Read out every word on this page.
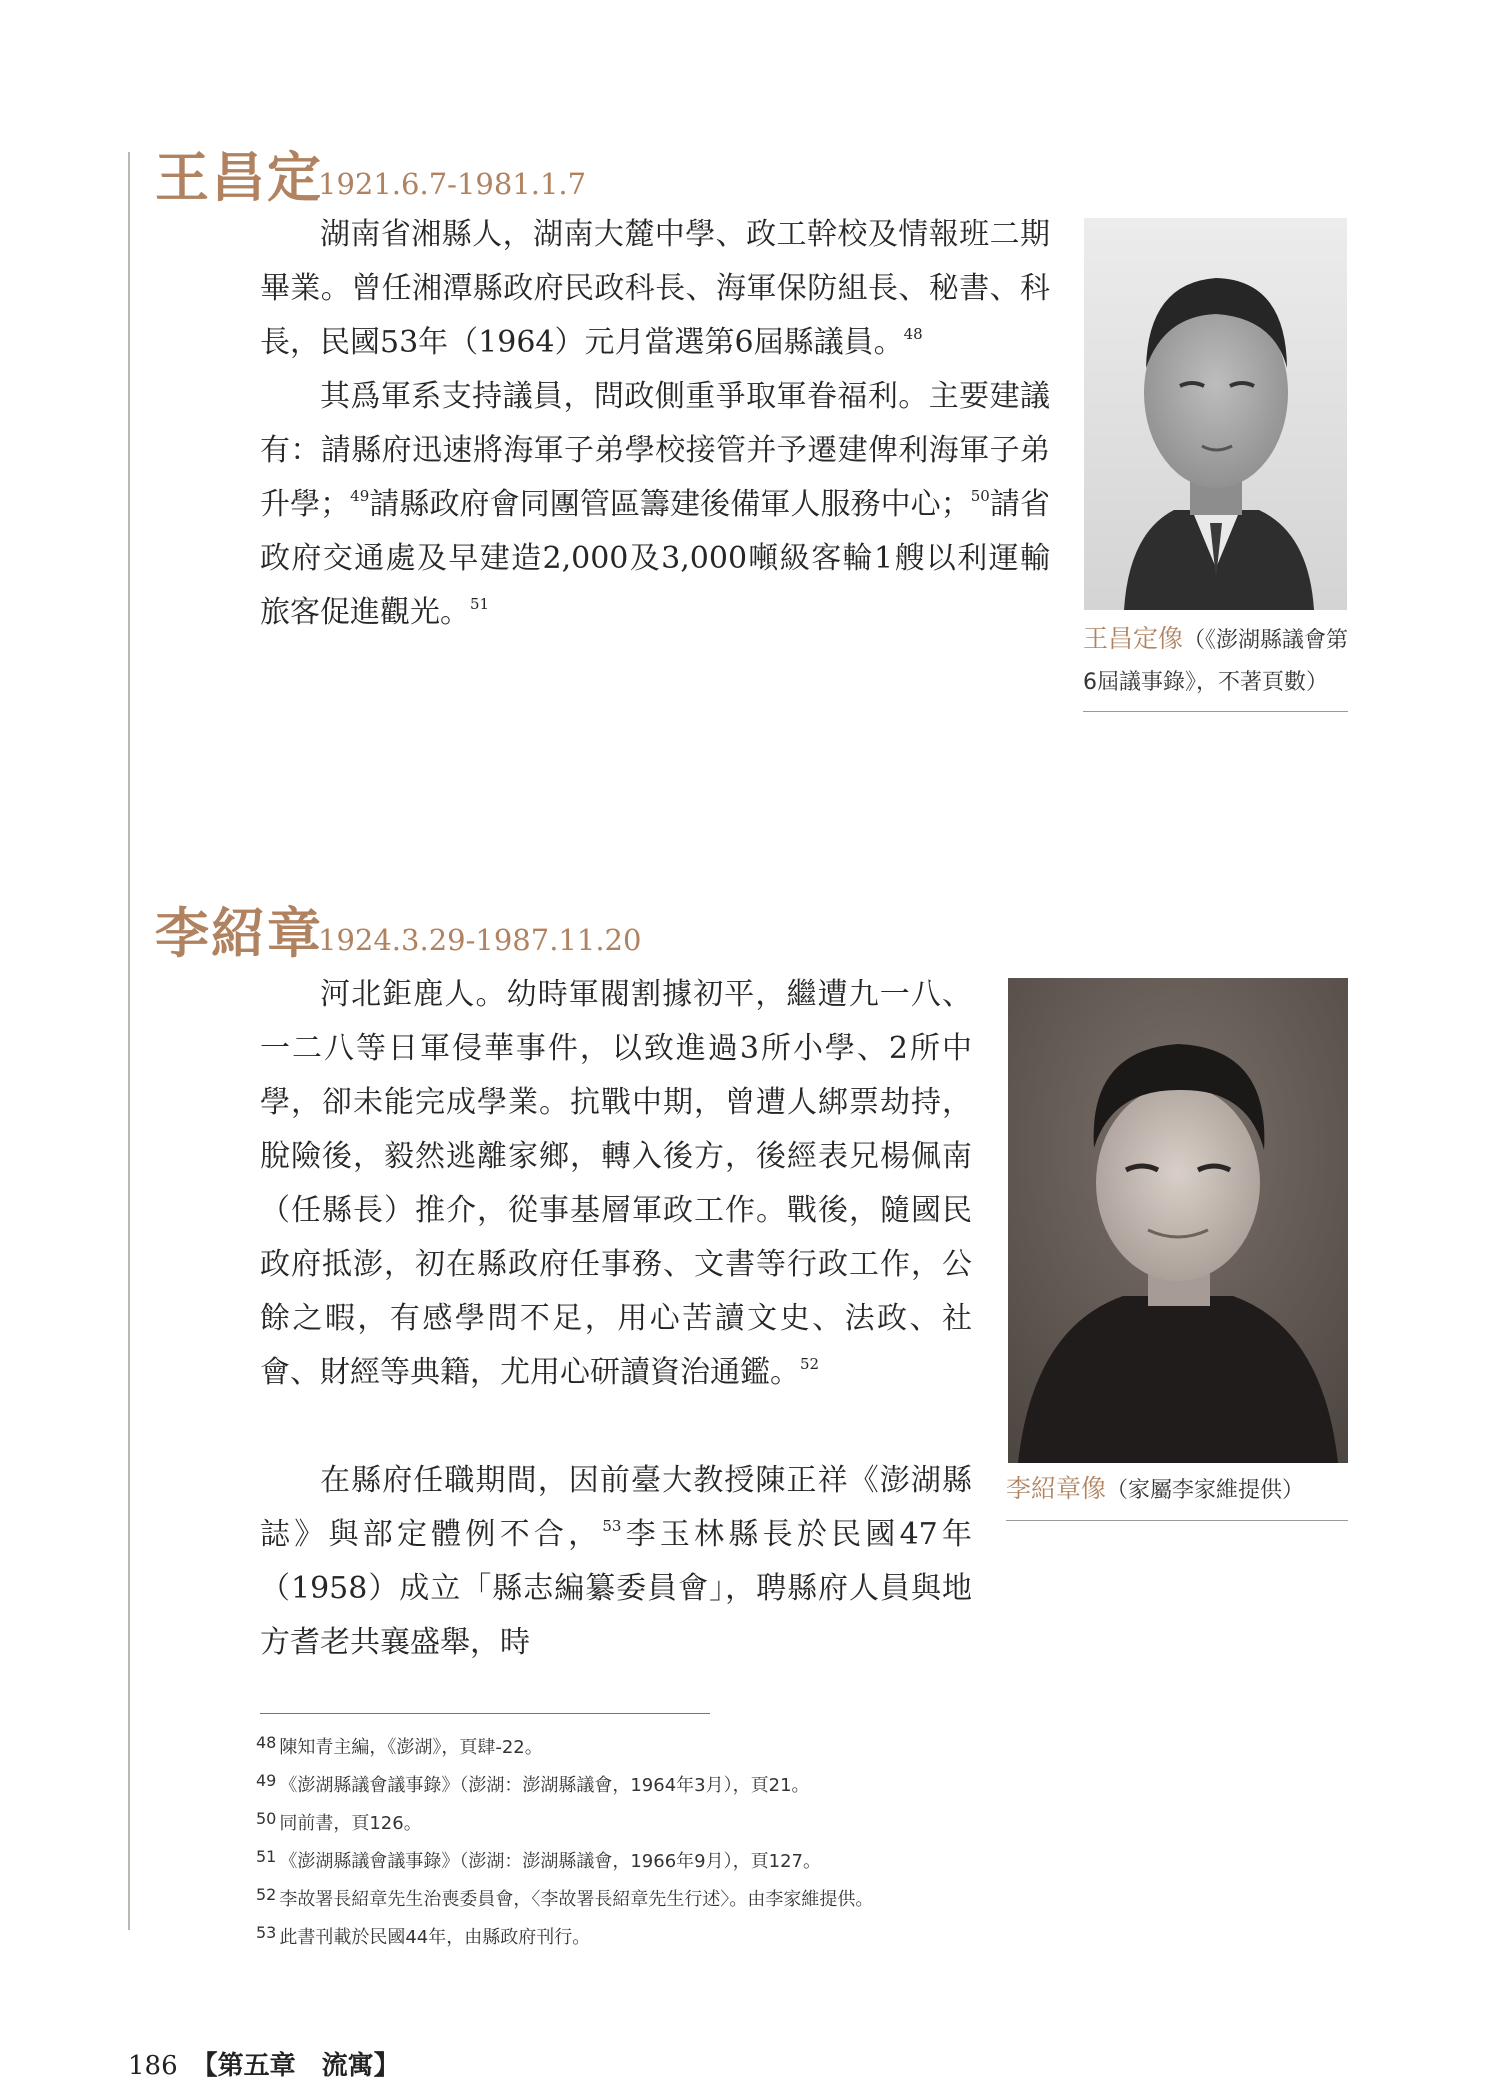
王昌定
1921.6.7-1981.1.7

湖南省湘縣人，湖南大麓中學、政工幹校及情報班二期畢業。曾任湘潭縣政府民政科長、海軍保防組長、秘書、科長，民國53年（1964）元月當選第6屆縣議員。$^{48}$

其爲軍系支持議員，問政側重爭取軍眷福利。主要建議有：請縣府迅速將海軍子弟學校接管并予遷建俾利海軍子弟升學；$^{49}$請縣政府會同團管區籌建後備軍人服務中心；$^{50}$請省政府交通處及早建造2,000及3,000噸級客輪1艘以利運輸旅客促進觀光。$^{51}$

王昌定像（《澎湖縣議會第6屆議事錄》，不著頁數）
李紹章
1924.3.29-1987.11.20

河北鉅鹿人。幼時軍閥割據初平，繼遭九一八、一二八等日軍侵華事件，以致進過3所小學、2所中學，卻未能完成學業。抗戰中期，曾遭人綁票劫持，脫險後，毅然逃離家鄉，轉入後方，後經表兄楊佩南（任縣長）推介，從事基層軍政工作。戰後，隨國民政府抵澎，初在縣政府任事務、文書等行政工作，公餘之暇，有感學問不足，用心苦讀文史、法政、社會、財經等典籍，尤用心研讀資治通鑑。$^{52}$

在縣府任職期間，因前臺大教授陳正祥《澎湖縣誌》與部定體例不合，$^{53}$李玉林縣長於民國47年（1958）成立「縣志編纂委員會」，聘縣府人員與地方耆老共襄盛舉，時

李紹章像（家屬李家維提供）
48 陳知青主編，《澎湖》，頁肆-22。
49 《澎湖縣議會議事錄》（澎湖：澎湖縣議會，1964年3月），頁21。
50 同前書，頁126。
51 《澎湖縣議會議事錄》（澎湖：澎湖縣議會，1966年9月），頁127。
52 李故署長紹章先生治喪委員會，〈李故署長紹章先生行述〉。由李家維提供。
53 此書刊載於民國44年，由縣政府刊行。
186 【第五章　流寓】
